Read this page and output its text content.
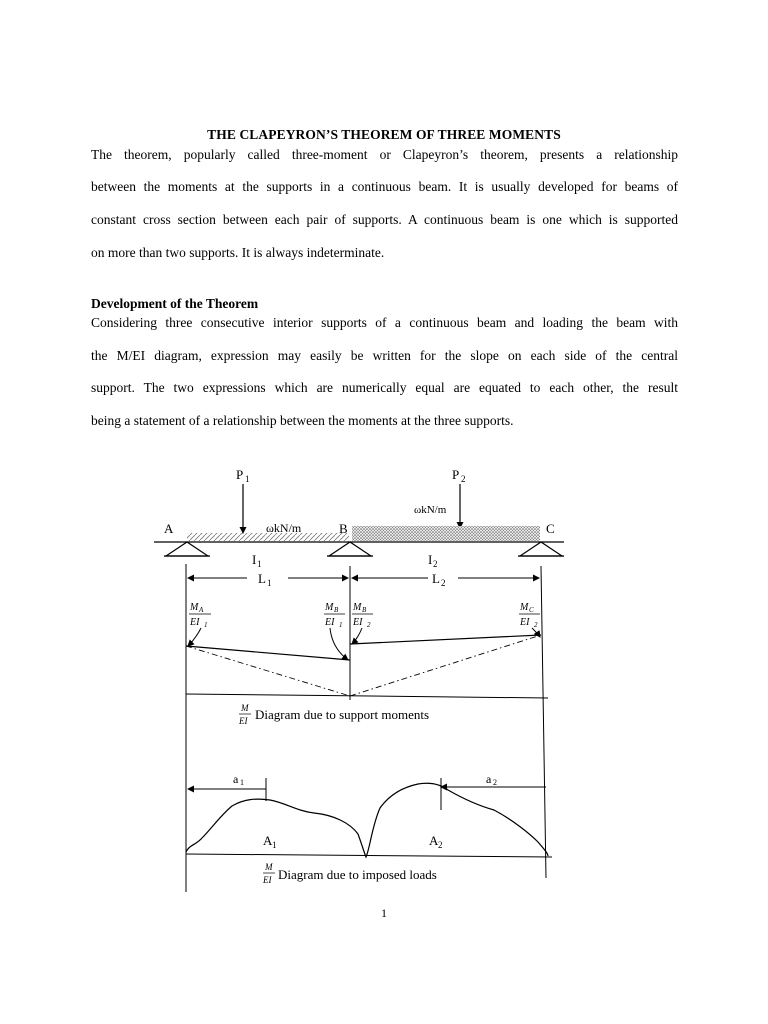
THE CLAPEYRON’S THEOREM OF THREE MOMENTS
The theorem, popularly called three-moment or Clapeyron’s theorem, presents a relationship
between the moments at the supports in a continuous beam. It is usually developed for beams of
constant cross section between each pair of supports. A continuous beam is one which is supported
on more than two supports. It is always indeterminate.
Development of the Theorem
Considering three consecutive interior supports of a continuous beam and loading the beam with
the M/EI diagram, expression may easily be written for the slope on each side of the central
support. The two expressions which are numerically equal are equated to each other, the result
being a statement of a relationship between the moments at the three supports.
P 1	P 2
ωkN/m
ωkN/m
A	B	C
I 1	I 2
L 1	L 2
M A
EI 1
M B
EI 1
M B
EI 2
M C
EI 2
M
EI Diagram due to support moments
a 1	a 2
A 1	A 2
M
EI Diagram due to imposed loads
1
